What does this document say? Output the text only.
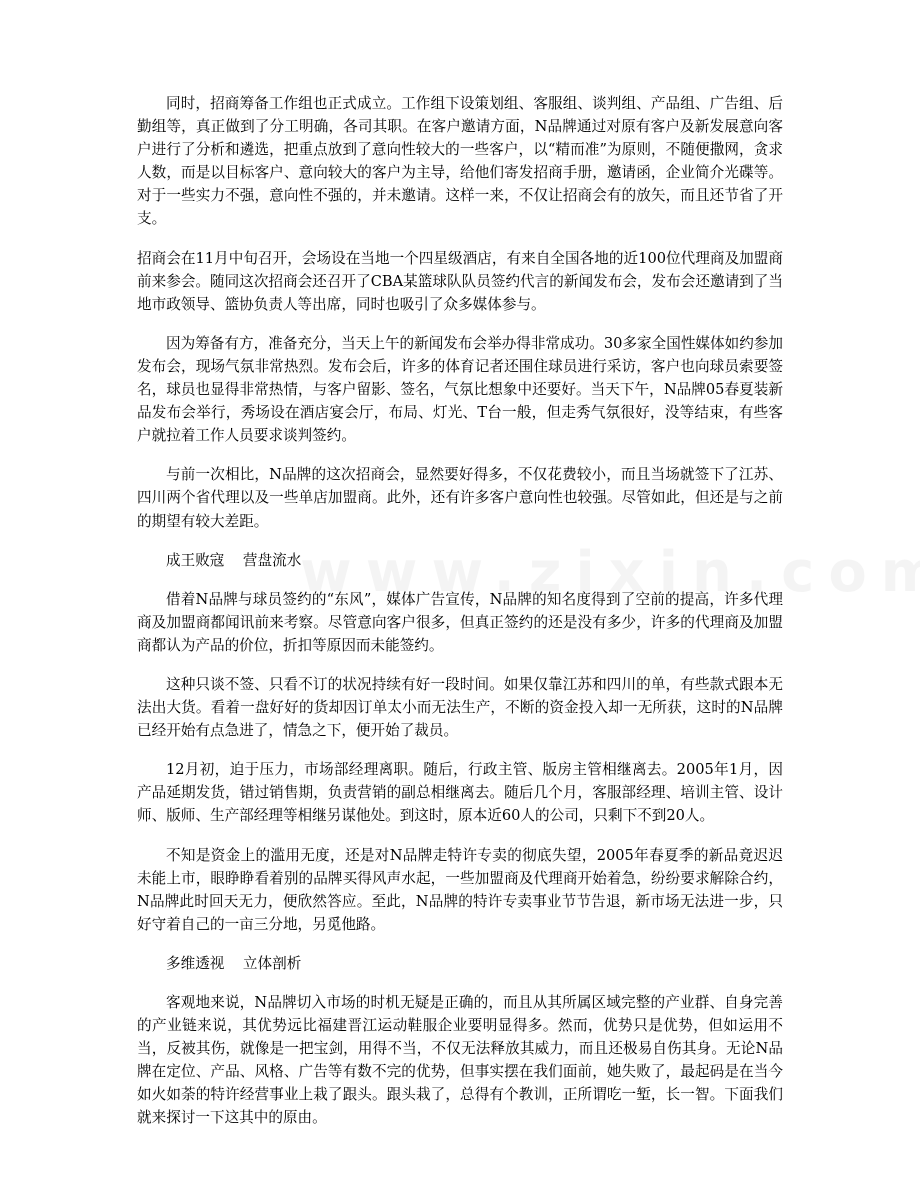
同时，招商筹备工作组也正式成立。工作组下设策划组、客服组、谈判组、产品组、广告组、后勤组等，真正做到了分工明确，各司其职。在客户邀请方面，N品牌通过对原有客户及新发展意向客户进行了分析和遴选，把重点放到了意向性较大的一些客户，以“精而准”为原则，不随便撒网，贪求人数，而是以目标客户、意向较大的客户为主导，给他们寄发招商手册，邀请函，企业简介光碟等。对于一些实力不强，意向性不强的，并未邀请。这样一来，不仅让招商会有的放矢，而且还节省了开支。

招商会在11月中旬召开，会场设在当地一个四星级酒店，有来自全国各地的近100位代理商及加盟商前来参会。随同这次招商会还召开了CBA某篮球队队员签约代言的新闻发布会，发布会还邀请到了当地市政领导、篮协负责人等出席，同时也吸引了众多媒体参与。

因为筹备有方，准备充分，当天上午的新闻发布会举办得非常成功。30多家全国性媒体如约参加发布会，现场气氛非常热烈。发布会后，许多的体育记者还围住球员进行采访，客户也向球员索要签名，球员也显得非常热情，与客户留影、签名，气氛比想象中还要好。当天下午，N品牌05春夏装新品发布会举行，秀场设在酒店宴会厅，布局、灯光、T台一般，但走秀气氛很好，没等结束，有些客户就拉着工作人员要求谈判签约。

与前一次相比，N品牌的这次招商会，显然要好得多，不仅花费较小，而且当场就签下了江苏、四川两个省代理以及一些单店加盟商。此外，还有许多客户意向性也较强。尽管如此，但还是与之前的期望有较大差距。

成王败寇    营盘流水

借着N品牌与球员签约的“东风”，媒体广告宣传，N品牌的知名度得到了空前的提高，许多代理商及加盟商都闻讯前来考察。尽管意向客户很多，但真正签约的还是没有多少，许多的代理商及加盟商都认为产品的价位，折扣等原因而未能签约。

这种只谈不签、只看不订的状况持续有好一段时间。如果仅靠江苏和四川的单，有些款式跟本无法出大货。看着一盘好好的货却因订单太小而无法生产，不断的资金投入却一无所获，这时的N品牌已经开始有点急进了，情急之下，便开始了裁员。

12月初，迫于压力，市场部经理离职。随后，行政主管、版房主管相继离去。2005年1月，因产品延期发货，错过销售期，负责营销的副总相继离去。随后几个月，客服部经理、培训主管、设计师、版师、生产部经理等相继另谋他处。到这时，原本近60人的公司，只剩下不到20人。

不知是资金上的滥用无度，还是对N品牌走特许专卖的彻底失望，2005年春夏季的新品竟迟迟未能上市，眼睁睁看着别的品牌买得风声水起，一些加盟商及代理商开始着急，纷纷要求解除合约，N品牌此时回天无力，便欣然答应。至此，N品牌的特许专卖事业节节告退，新市场无法进一步，只好守着自己的一亩三分地，另觅他路。

多维透视    立体剖析

客观地来说，N品牌切入市场的时机无疑是正确的，而且从其所属区域完整的产业群、自身完善的产业链来说，其优势远比福建晋江运动鞋服企业要明显得多。然而，优势只是优势，但如运用不当，反被其伤，就像是一把宝剑，用得不当，不仅无法释放其威力，而且还极易自伤其身。无论N品牌在定位、产品、风格、广告等有数不完的优势，但事实摆在我们面前，她失败了，最起码是在当今如火如荼的特许经营事业上栽了跟头。跟头栽了，总得有个教训，正所谓吃一堑，长一智。下面我们就来探讨一下这其中的原由。
